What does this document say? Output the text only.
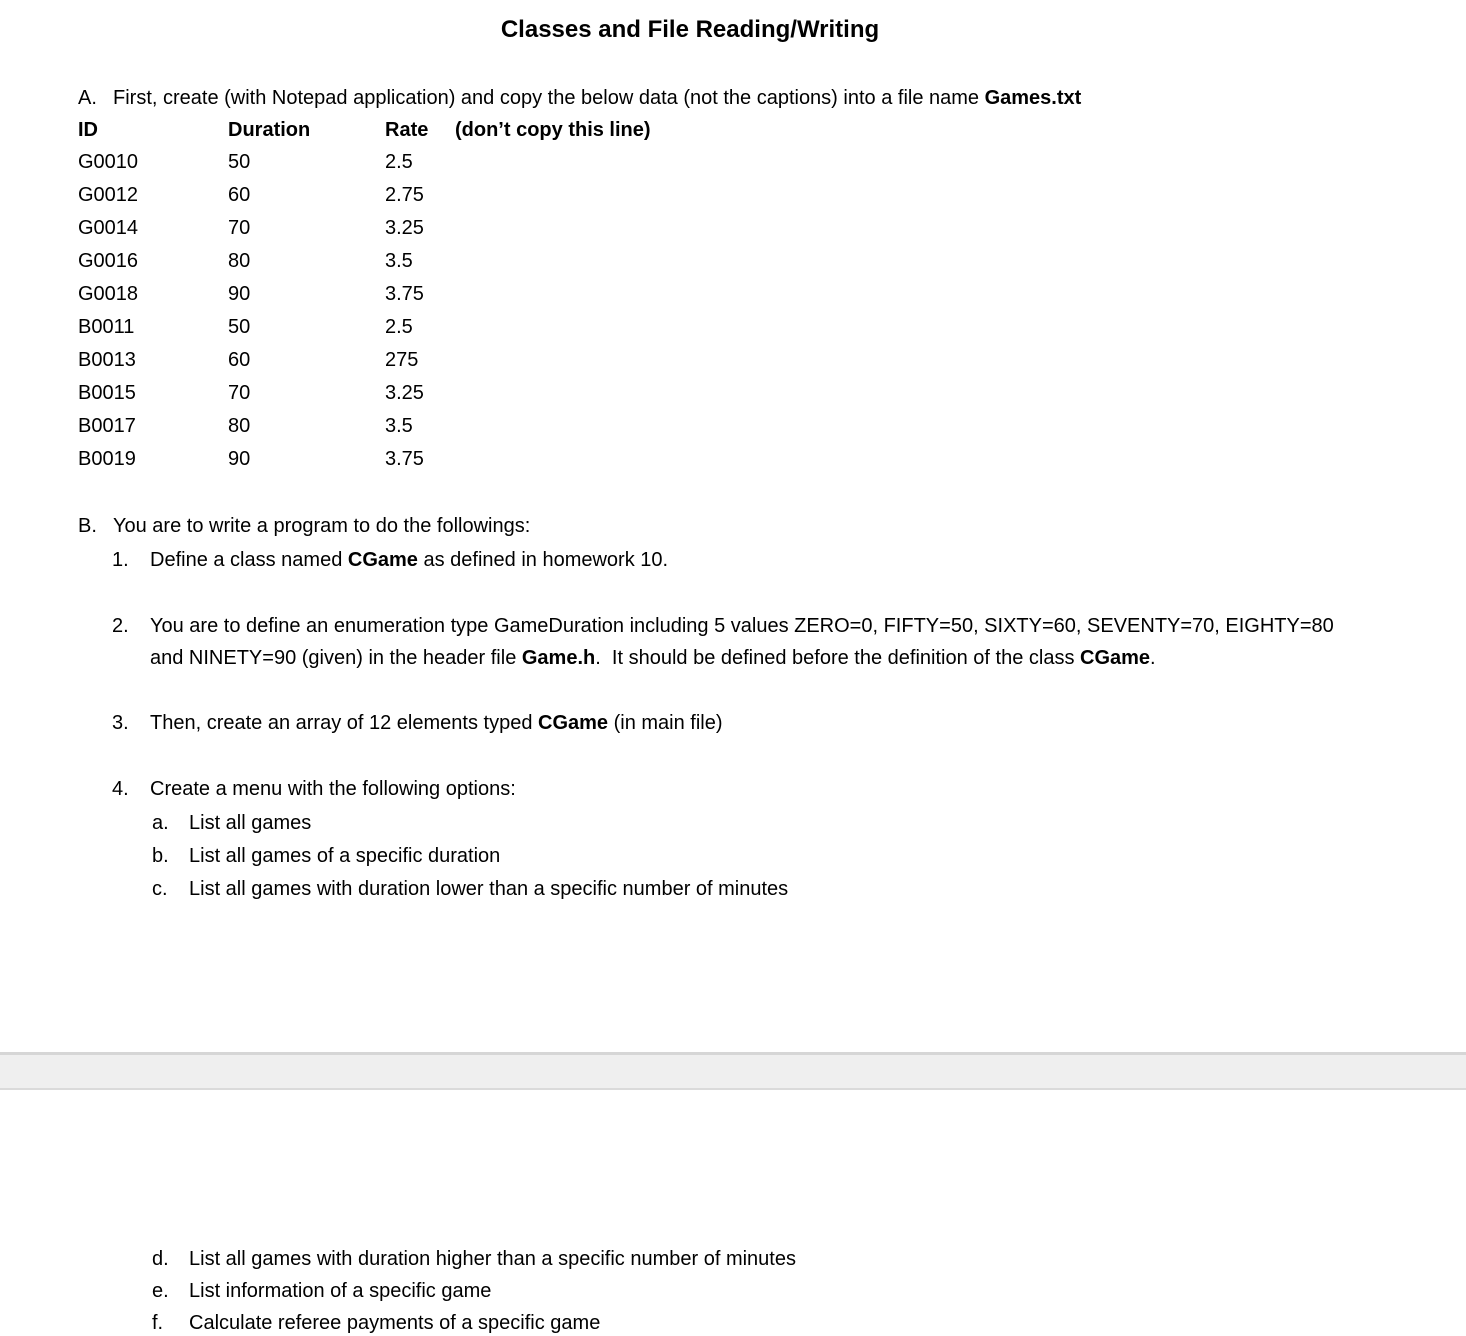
Classes and File Reading/Writing
A. First, create (with Notepad application) and copy the below data (not the captions) into a file name Games.txt
ID	Duration	Rate	(don’t copy this line)
G0010	50	2.5
G0012	60	2.75
G0014	70	3.25
G0016	80	3.5
G0018	90	3.75
B0011	50	2.5
B0013	60	275
B0015	70	3.25
B0017	80	3.5
B0019	90	3.75
B. You are to write a program to do the followings:
1.	Define a class named CGame as defined in homework 10.
2.	You are to define an enumeration type GameDuration including 5 values ZERO=0, FIFTY=50, SIXTY=60, SEVENTY=70, EIGHTY=80
and NINETY=90 (given) in the header file Game.h.  It should be defined before the definition of the class CGame.
3.	Then, create an array of 12 elements typed CGame (in main file)
4.	Create a menu with the following options:
a.	List all games
b.	List all games of a specific duration
c.	List all games with duration lower than a specific number of minutes
d.	List all games with duration higher than a specific number of minutes
e.	List information of a specific game
f.	Calculate referee payments of a specific game
